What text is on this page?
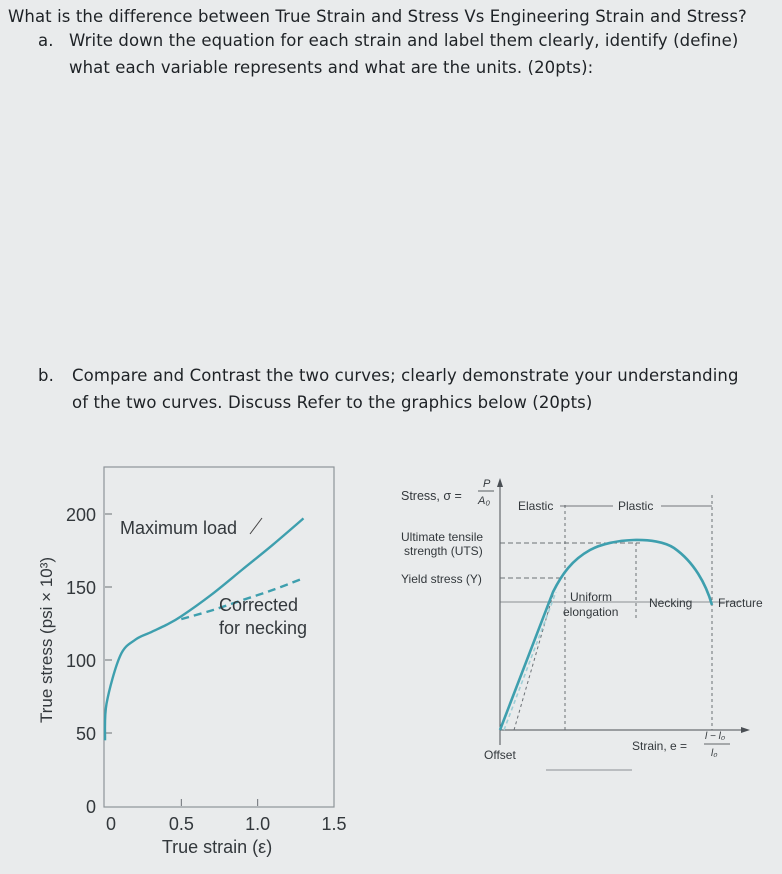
What is the difference between True Strain and Stress Vs Engineering Strain and Stress?
a. Write down the equation for each strain and label them clearly, identify (define)
what each variable represents and what are the units. (20pts):
b. Compare and Contrast the two curves; clearly demonstrate your understanding
of the two curves. Discuss Refer to the graphics below (20pts)
0
50
100
150
200
0	0.5	1.0	1.5
Maximum load
Corrected
for necking
True strain (ε)
True stress (psi × 10³)
Stress, σ =
P
A₀ Elastic	Plastic
Ultimate tensile
strength (UTS)
Yield stress (Y)
Uniform
elongation
Necking Fracture
Offset
Strain, e =
l − l₀
l₀
